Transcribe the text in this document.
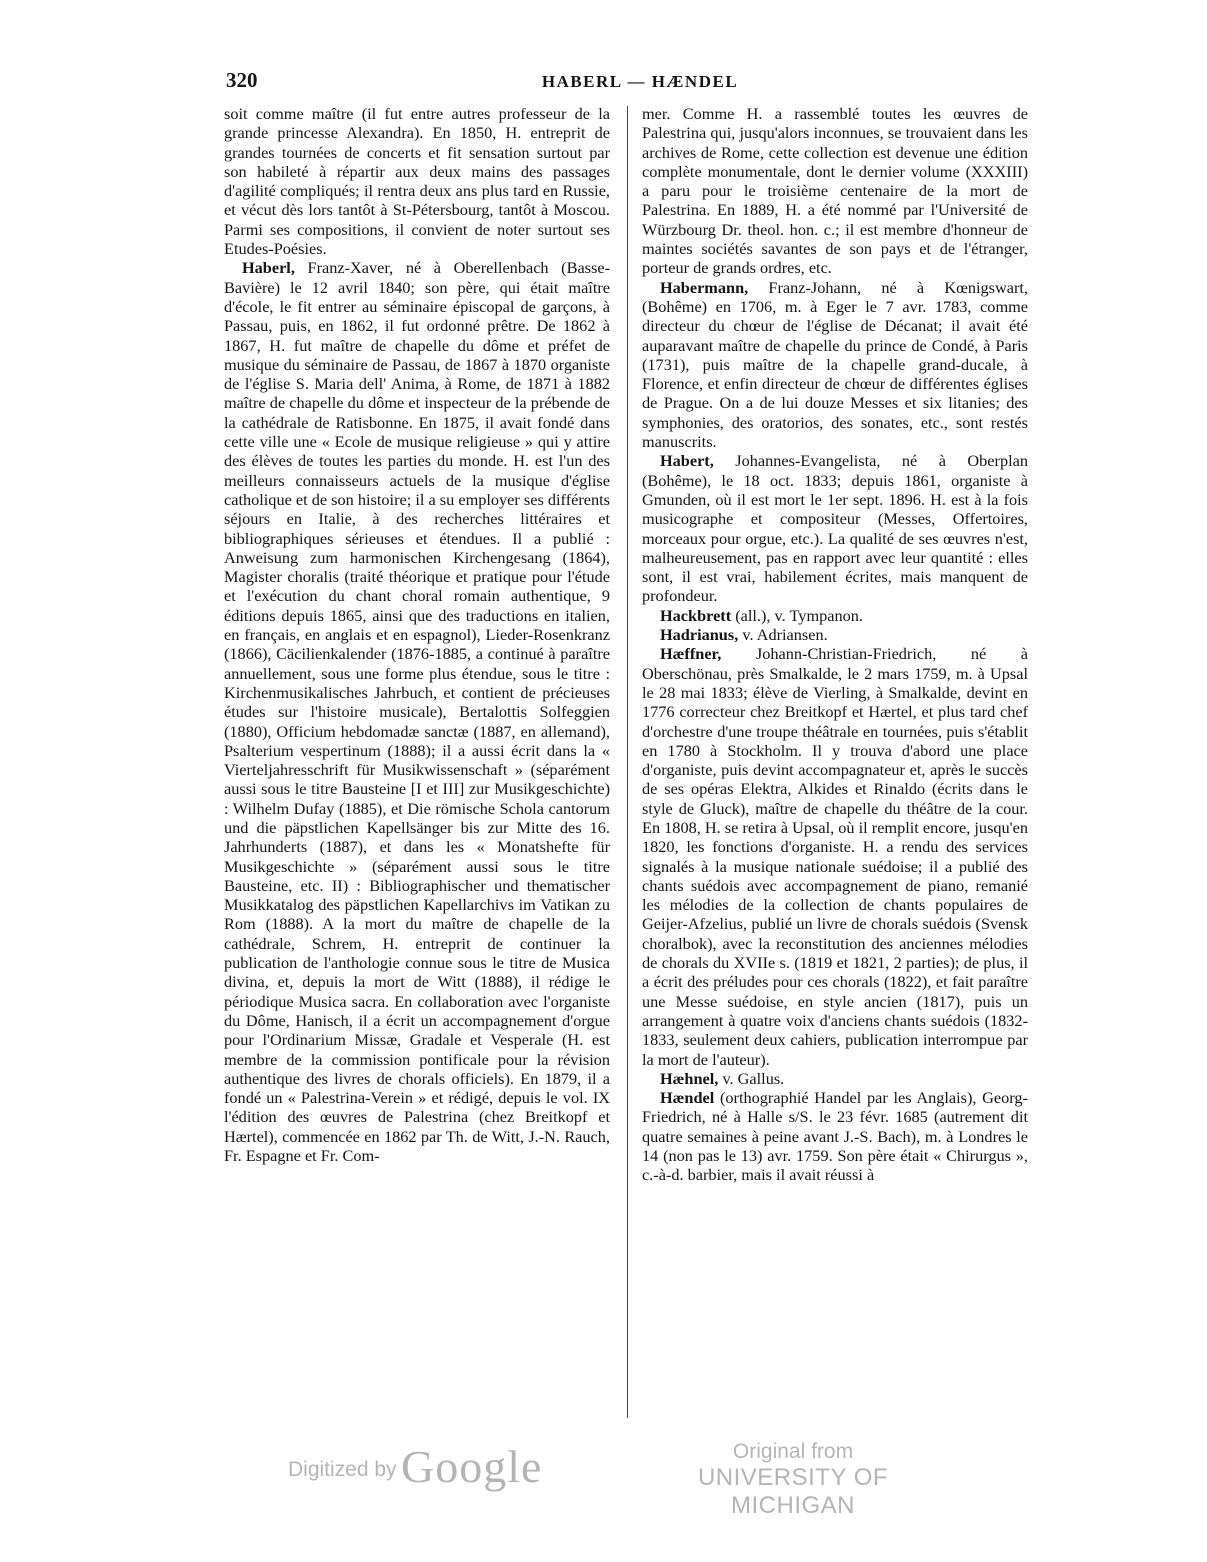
320	HABERL — HÆNDEL

soit comme maître (il fut entre autres professeur de la grande princesse Alexandra). En 1850, H. entreprit de grandes tournées de concerts et fit sensation surtout par son habileté à répartir aux deux mains des passages d'agilité compliqués; il rentra deux ans plus tard en Russie, et vécut dès lors tantôt à St-Pétersbourg, tantôt à Moscou. Parmi ses compositions, il convient de noter surtout ses Etudes-Poésies.

Haberl, Franz-Xaver, né à Oberellenbach (Basse-Bavière) le 12 avril 1840; son père, qui était maître d'école, le fit entrer au séminaire épiscopal de garçons, à Passau, puis, en 1862, il fut ordonné prêtre. De 1862 à 1867, H. fut maître de chapelle du dôme et préfet de musique du séminaire de Passau, de 1867 à 1870 organiste de l'église S. Maria dell' Anima, à Rome, de 1871 à 1882 maître de chapelle du dôme et inspecteur de la prébende de la cathédrale de Ratisbonne. En 1875, il avait fondé dans cette ville une « Ecole de musique religieuse » qui y attire des élèves de toutes les parties du monde. H. est l'un des meilleurs connaisseurs actuels de la musique d'église catholique et de son histoire; il a su employer ses différents séjours en Italie, à des recherches littéraires et bibliographiques sérieuses et étendues. Il a publié : Anweisung zum harmonischen Kirchengesang (1864), Magister choralis (traité théorique et pratique pour l'étude et l'exécution du chant choral romain authentique, 9 éditions depuis 1865, ainsi que des traductions en italien, en français, en anglais et en espagnol), Lieder-Rosenkranz (1866), Cäcilienkalender (1876-1885, a continué à paraître annuellement, sous une forme plus étendue, sous le titre : Kirchenmusikalisches Jahrbuch, et contient de précieuses études sur l'histoire musicale), Bertalottis Solfeggien (1880), Officium hebdomadæ sanctæ (1887, en allemand), Psalterium vespertinum (1888); il a aussi écrit dans la « Vierteljahresschrift für Musikwissenschaft » (séparément aussi sous le titre Bausteine [I et III] zur Musikgeschichte) : Wilhelm Dufay (1885), et Die römische Schola cantorum und die päpstlichen Kapellsänger bis zur Mitte des 16. Jahrhunderts (1887), et dans les « Monatshefte für Musikgeschichte » (séparément aussi sous le titre Bausteine, etc. II) : Bibliographischer und thematischer Musikkatalog des päpstlichen Kapellarchivs im Vatikan zu Rom (1888). A la mort du maître de chapelle de la cathédrale, Schrem, H. entreprit de continuer la publication de l'anthologie connue sous le titre de Musica divina, et, depuis la mort de Witt (1888), il rédige le périodique Musica sacra. En collaboration avec l'organiste du Dôme, Hanisch, il a écrit un accompagnement d'orgue pour l'Ordinarium Missæ, Gradale et Vesperale (H. est membre de la commission pontificale pour la révision authentique des livres de chorals officiels). En 1879, il a fondé un « Palestrina-Verein » et rédigé, depuis le vol. IX l'édition des œuvres de Palestrina (chez Breitkopf et Hærtel), commencée en 1862 par Th. de Witt, J.-N. Rauch, Fr. Espagne et Fr. Com-

mer. Comme H. a rassemblé toutes les œuvres de Palestrina qui, jusqu'alors inconnues, se trouvaient dans les archives de Rome, cette collection est devenue une édition complète monumentale, dont le dernier volume (XXXIII) a paru pour le troisième centenaire de la mort de Palestrina. En 1889, H. a été nommé par l'Université de Würzbourg Dr. theol. hon. c.; il est membre d'honneur de maintes sociétés savantes de son pays et de l'étranger, porteur de grands ordres, etc.

Habermann, Franz-Johann, né à Kœnigswart, (Bohême) en 1706, m. à Eger le 7 avr. 1783, comme directeur du chœur de l'église de Décanat; il avait été auparavant maître de chapelle du prince de Condé, à Paris (1731), puis maître de la chapelle grand-ducale, à Florence, et enfin directeur de chœur de différentes églises de Prague. On a de lui douze Messes et six litanies; des symphonies, des oratorios, des sonates, etc., sont restés manuscrits.

Habert, Johannes-Evangelista, né à Oberplan (Bohême), le 18 oct. 1833; depuis 1861, organiste à Gmunden, où il est mort le 1er sept. 1896. H. est à la fois musicographe et compositeur (Messes, Offertoires, morceaux pour orgue, etc.). La qualité de ses œuvres n'est, malheureusement, pas en rapport avec leur quantité : elles sont, il est vrai, habilement écrites, mais manquent de profondeur.

Hackbrett (all.), v. Tympanon.

Hadrianus, v. Adriansen.

Hæffner, Johann-Christian-Friedrich, né à Oberschönau, près Smalkalde, le 2 mars 1759, m. à Upsal le 28 mai 1833; élève de Vierling, à Smalkalde, devint en 1776 correcteur chez Breitkopf et Hærtel, et plus tard chef d'orchestre d'une troupe théâtrale en tournées, puis s'établit en 1780 à Stockholm. Il y trouva d'abord une place d'organiste, puis devint accompagnateur et, après le succès de ses opéras Elektra, Alkides et Rinaldo (écrits dans le style de Gluck), maître de chapelle du théâtre de la cour. En 1808, H. se retira à Upsal, où il remplit encore, jusqu'en 1820, les fonctions d'organiste. H. a rendu des services signalés à la musique nationale suédoise; il a publié des chants suédois avec accompagnement de piano, remanié les mélodies de la collection de chants populaires de Geijer-Afzelius, publié un livre de chorals suédois (Svensk choralbok), avec la reconstitution des anciennes mélodies de chorals du XVIIe s. (1819 et 1821, 2 parties); de plus, il a écrit des préludes pour ces chorals (1822), et fait paraître une Messe suédoise, en style ancien (1817), puis un arrangement à quatre voix d'anciens chants suédois (1832-1833, seulement deux cahiers, publication interrompue par la mort de l'auteur).

Hæhnel, v. Gallus.

Hændel (orthographié Handel par les Anglais), Georg-Friedrich, né à Halle s/S. le 23 févr. 1685 (autrement dit quatre semaines à peine avant J.-S. Bach), m. à Londres le 14 (non pas le 13) avr. 1759. Son père était « Chirurgus », c.-à-d. barbier, mais il avait réussi à

Digitized by Google	Original from
UNIVERSITY OF MICHIGAN
